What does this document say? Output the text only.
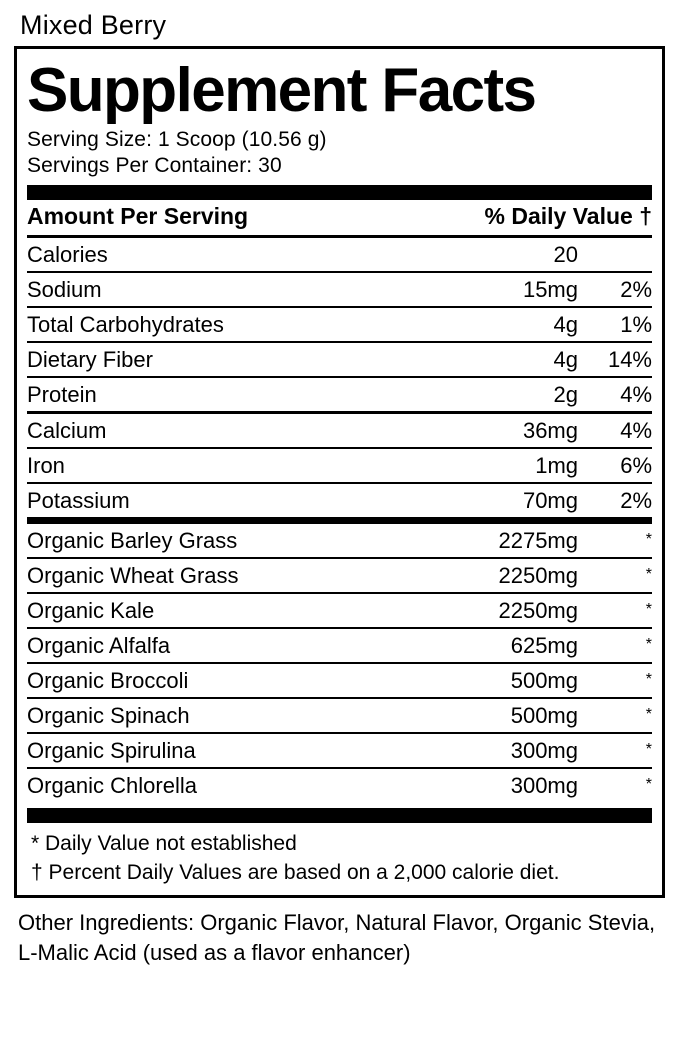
Mixed Berry
Supplement Facts
Serving Size: 1 Scoop (10.56 g)
Servings Per Container: 30
Amount Per Serving	% Daily Value †	

Calories	20	

Sodium	15mg	2%

Total Carbohydrates	4g	1%

Dietary Fiber	4g	14%

Protein	2g	4%

Calcium	36mg	4%

Iron	1mg	6%

Potassium	70mg	2%

Organic Barley Grass	2275mg	*

Organic Wheat Grass	2250mg	*

Organic Kale	2250mg	*

Organic Alfalfa	625mg	*

Organic Broccoli	500mg	*

Organic Spinach	500mg	*

Organic Spirulina	300mg	*

Organic Chlorella	300mg	*
* Daily Value not established
† Percent Daily Values are based on a 2,000 calorie diet.
Other Ingredients: Organic Flavor, Natural Flavor, Organic Stevia, L-Malic Acid (used as a flavor enhancer)
